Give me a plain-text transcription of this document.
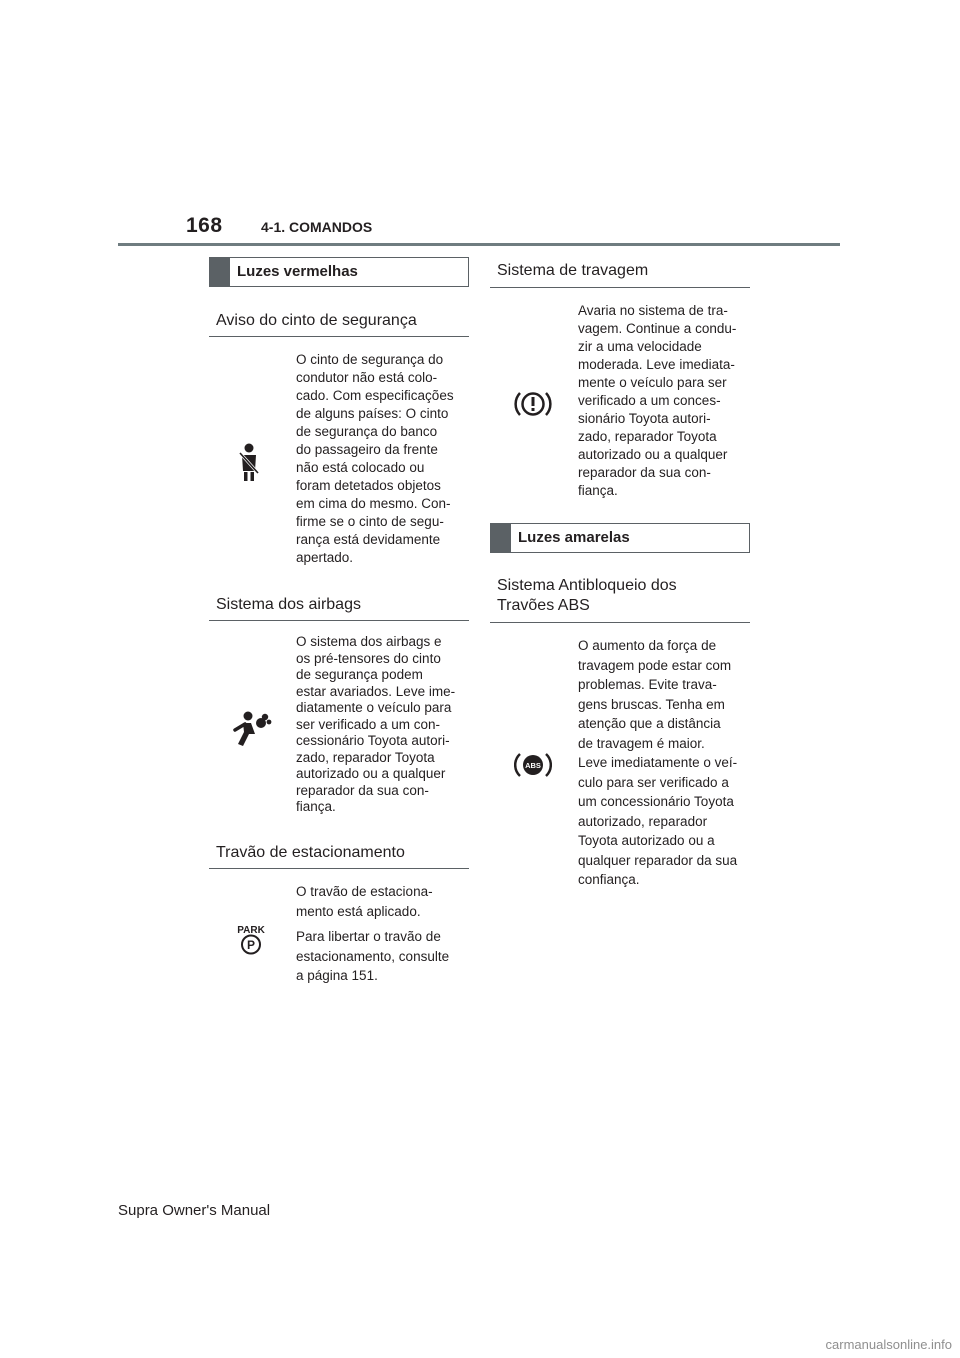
168	4-1. COMANDOS
Luzes vermelhas
Aviso do cinto de segurança

O cinto de segurança do

condutor não está colo-

cado. Com especificações

de alguns países: O cinto

de segurança do banco

do passageiro da frente

não está colocado ou

foram detetados objetos

em cima do mesmo. Con-

firme se o cinto de segu-

rança está devidamente

apertado.

Sistema dos airbags

O sistema dos airbags e

os pré-tensores do cinto

de segurança podem

estar avariados. Leve ime-

diatamente o veículo para

ser verificado a um con-

cessionário Toyota autori-

zado, reparador Toyota

autorizado ou a qualquer

reparador da sua con-

fiança.

Travão de estacionamento
PARK
P

O travão de estaciona-

mento está aplicado.

Para libertar o travão de

estacionamento, consulte

a página 151.

Sistema de travagem

Avaria no sistema de tra-

vagem. Continue a condu-

zir a uma velocidade

moderada. Leve imediata-

mente o veículo para ser

verificado a um conces-

sionário Toyota autori-

zado, reparador Toyota

autorizado ou a qualquer

reparador da sua con-

fiança.

Luzes amarelas
Sistema Antibloqueio dos
Travões ABS
ABS

O aumento da força de

travagem pode estar com

problemas. Evite trava-

gens bruscas. Tenha em

atenção que a distância

de travagem é maior.

Leve imediatamente o veí-

culo para ser verificado a

um concessionário Toyota

autorizado, reparador

Toyota autorizado ou a

qualquer reparador da sua

confiança.

Supra Owner's Manual
carmanualsonline.info
